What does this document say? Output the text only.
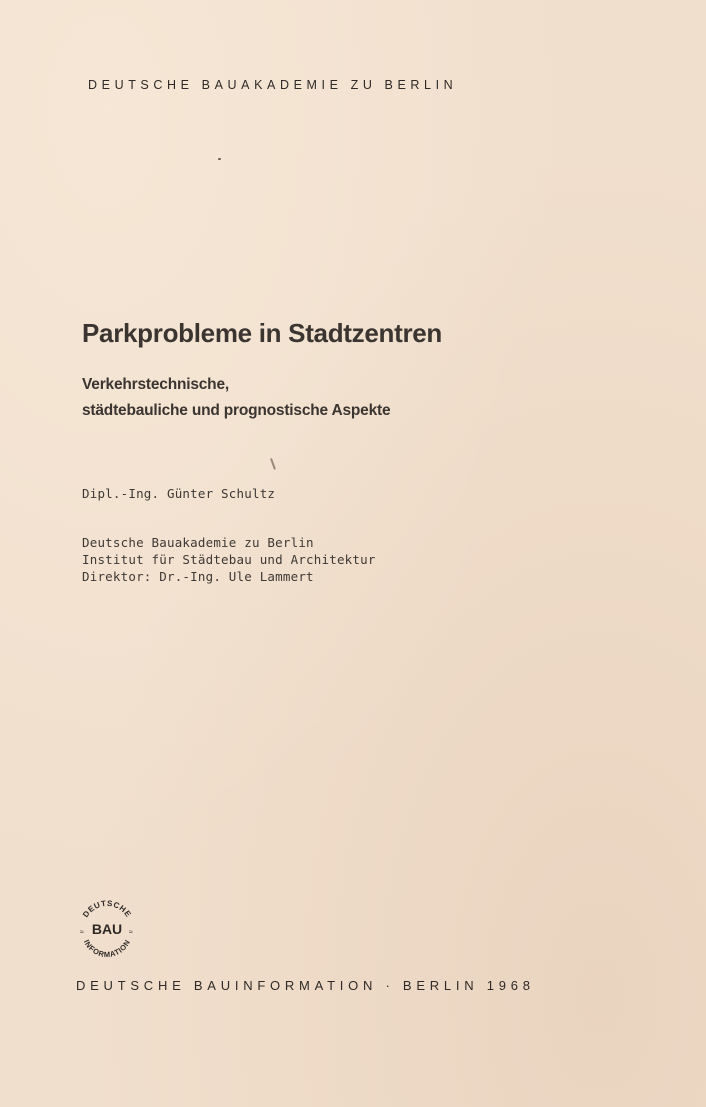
DEUTSCHE BAUAKADEMIE ZU BERLIN
Parkprobleme in Stadtzentren
Verkehrstechnische,
städtebauliche und prognostische Aspekte
Dipl.-Ing. Günter Schultz
Deutsche Bauakademie zu Berlin
Institut für Städtebau und Architektur
Direktor: Dr.-Ing. Ule Lammert
DEUTSCHE
INFORMATION
BAU
≈	≈
DEUTSCHE BAUINFORMATION · BERLIN 1968
